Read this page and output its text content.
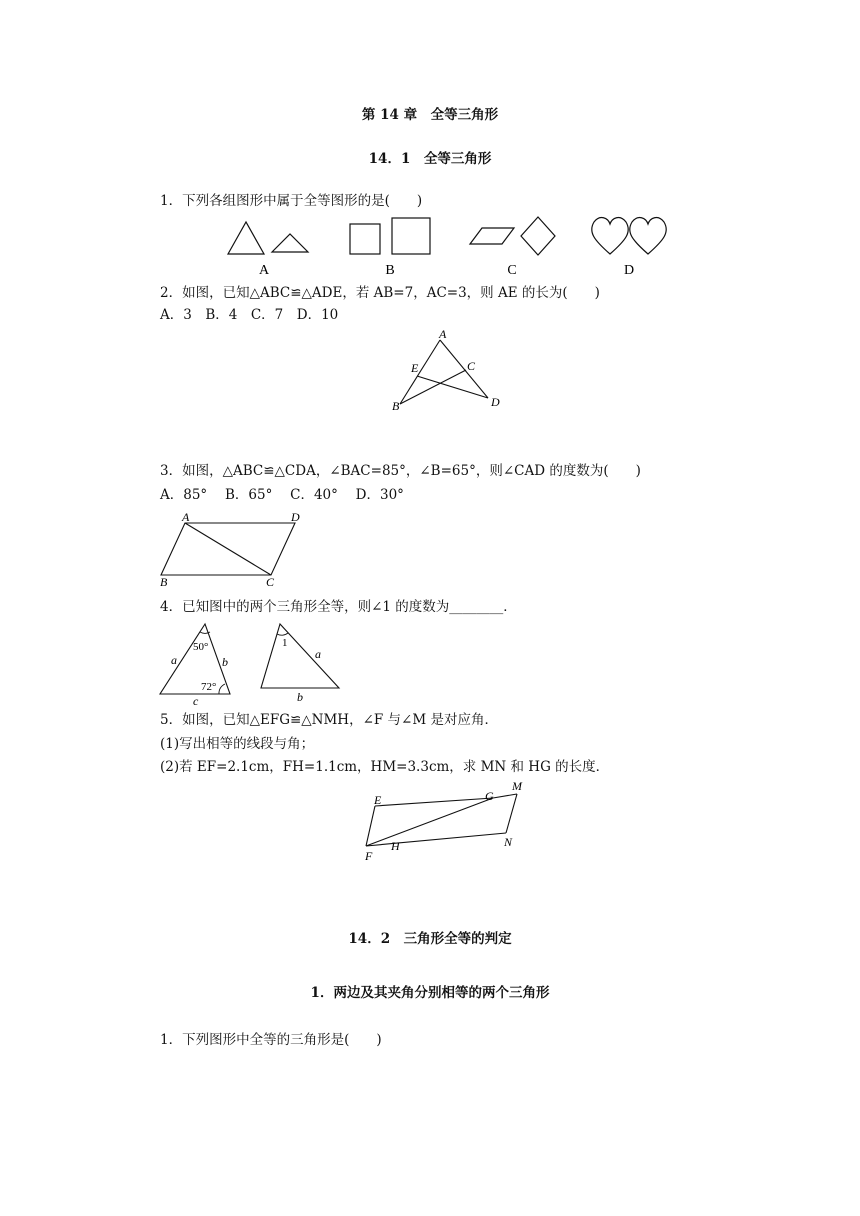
第 14 章　全等三角形
14．1　全等三角形
1．下列各组图形中属于全等图形的是(　　)
A	B	C	D
2．如图，已知△ABC≌△ADE，若 AB=7，AC=3，则 AE 的长为(　　)
A．3　B．4　C．7　D．10
A
B
C
D
E
3．如图，△ABC≌△CDA，∠BAC=85°，∠B=65°，则∠CAD 的度数为(　　)
A．85°　 B．65°　 C．40°　 D．30°
A	D
B	C
4．已知图中的两个三角形全等，则∠1 的度数为________．
50°
72°
a	b
c
1
a
b
5．如图，已知△EFG≌△NMH，∠F 与∠M 是对应角．
(1)写出相等的线段与角；
(2)若 EF=2.1cm，FH=1.1cm，HM=3.3cm，求 MN 和 HG 的长度．
E	G
M
F
H	N
14．2　三角形全等的判定
1．两边及其夹角分别相等的两个三角形
1．下列图形中全等的三角形是(　　)
